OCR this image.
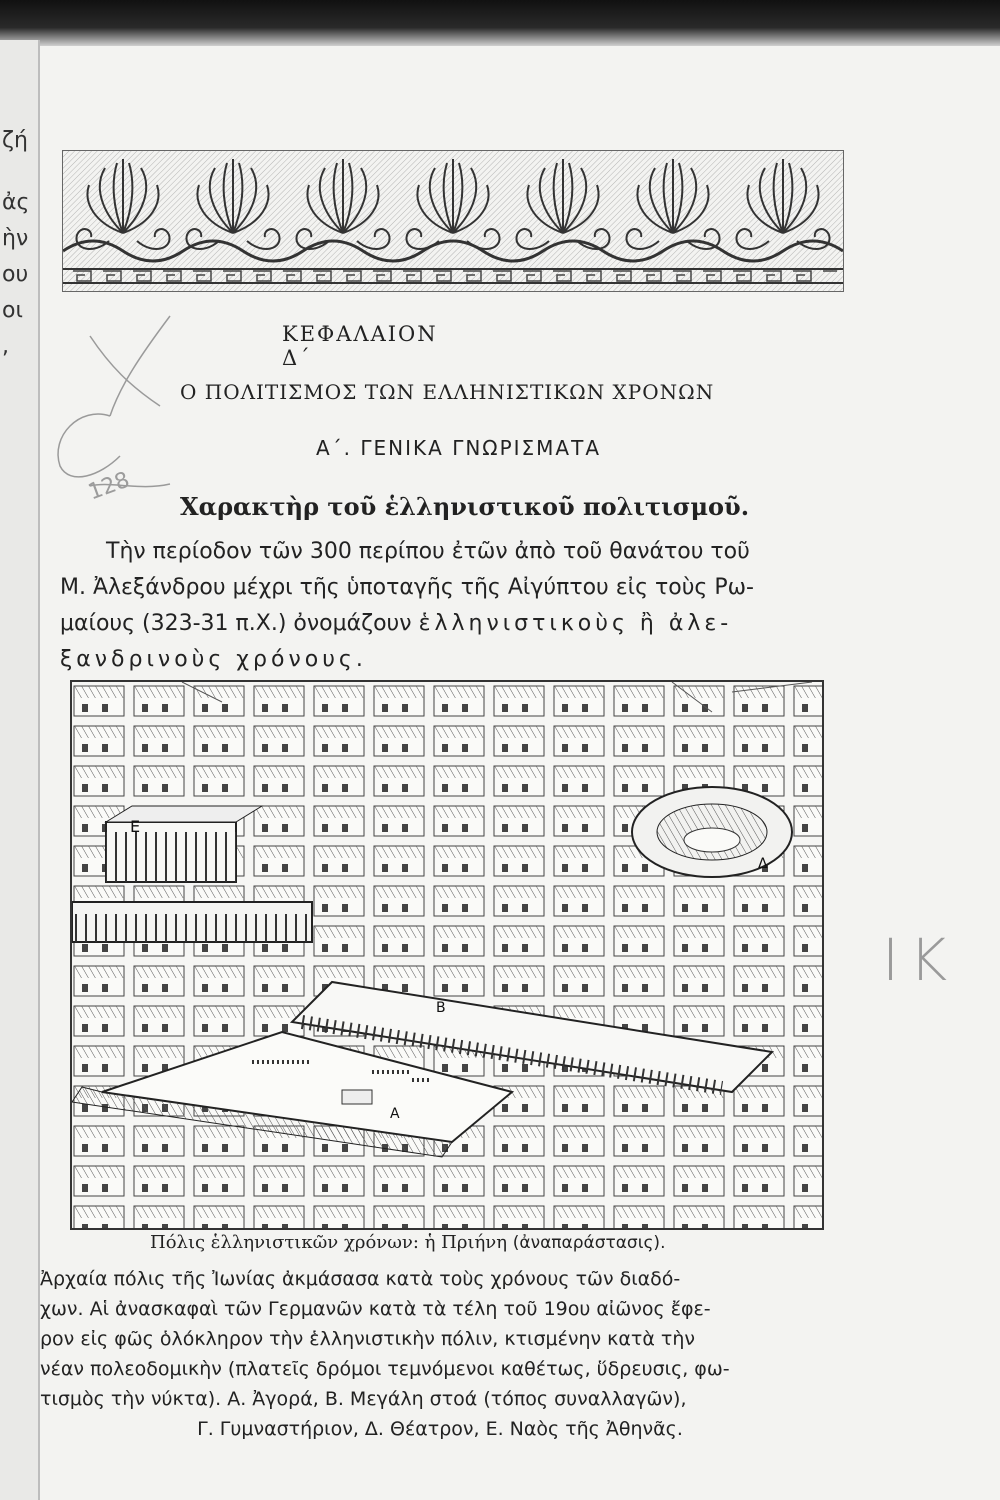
ζή
ἀς
ὴν
ου
οι
,
128
ΚΕΦΑΛΑΙΟΝ Δ΄
Ο ΠΟΛΙΤΙΣΜΟΣ ΤΩΝ ΕΛΛΗΝΙΣΤΙΚΩΝ ΧΡΟΝΩΝ
Α΄. ΓΕΝΙΚΑ ΓΝΩΡΙΣΜΑΤΑ
Χαρακτὴρ τοῦ ἑλληνιστικοῦ πολιτισμοῦ.
Τὴν περίοδον τῶν 300 περίπου ἐτῶν ἀπὸ τοῦ θανάτου τοῦ
Μ. Ἀλεξάνδρου μέχρι τῆς ὑποταγῆς τῆς Αἰγύπτου εἰς τοὺς Ρω-
μαίους (323-31 π.Χ.) ὀνομάζουν ἑλληνιστικοὺς ἢ ἀλε-
ξανδρινοὺς χρόνους.
Ε
Δ
Β
Α
ΙΚ
Πόλις ἑλληνιστικῶν χρόνων: ἡ Πριήνη (ἀναπαράστασις).
Ἀρχαία πόλις τῆς Ἰωνίας ἀκμάσασα κατὰ τοὺς χρόνους τῶν διαδό-
χων. Αἱ ἀνασκαφαὶ τῶν Γερμανῶν κατὰ τὰ τέλη τοῦ 19ου αἰῶνος ἔφε-
ρον εἰς φῶς ὁλόκληρον τὴν ἑλληνιστικὴν πόλιν, κτισμένην κατὰ τὴν
νέαν πολεοδομικὴν (πλατεῖς δρόμοι τεμνόμενοι καθέτως, ὕδρευσις, φω-
τισμὸς τὴν νύκτα). Α. Ἀγορά, Β. Μεγάλη στοά (τόπος συναλλαγῶν),
Γ. Γυμναστήριον, Δ. Θέατρον, Ε. Ναὸς τῆς Ἀθηνᾶς.
